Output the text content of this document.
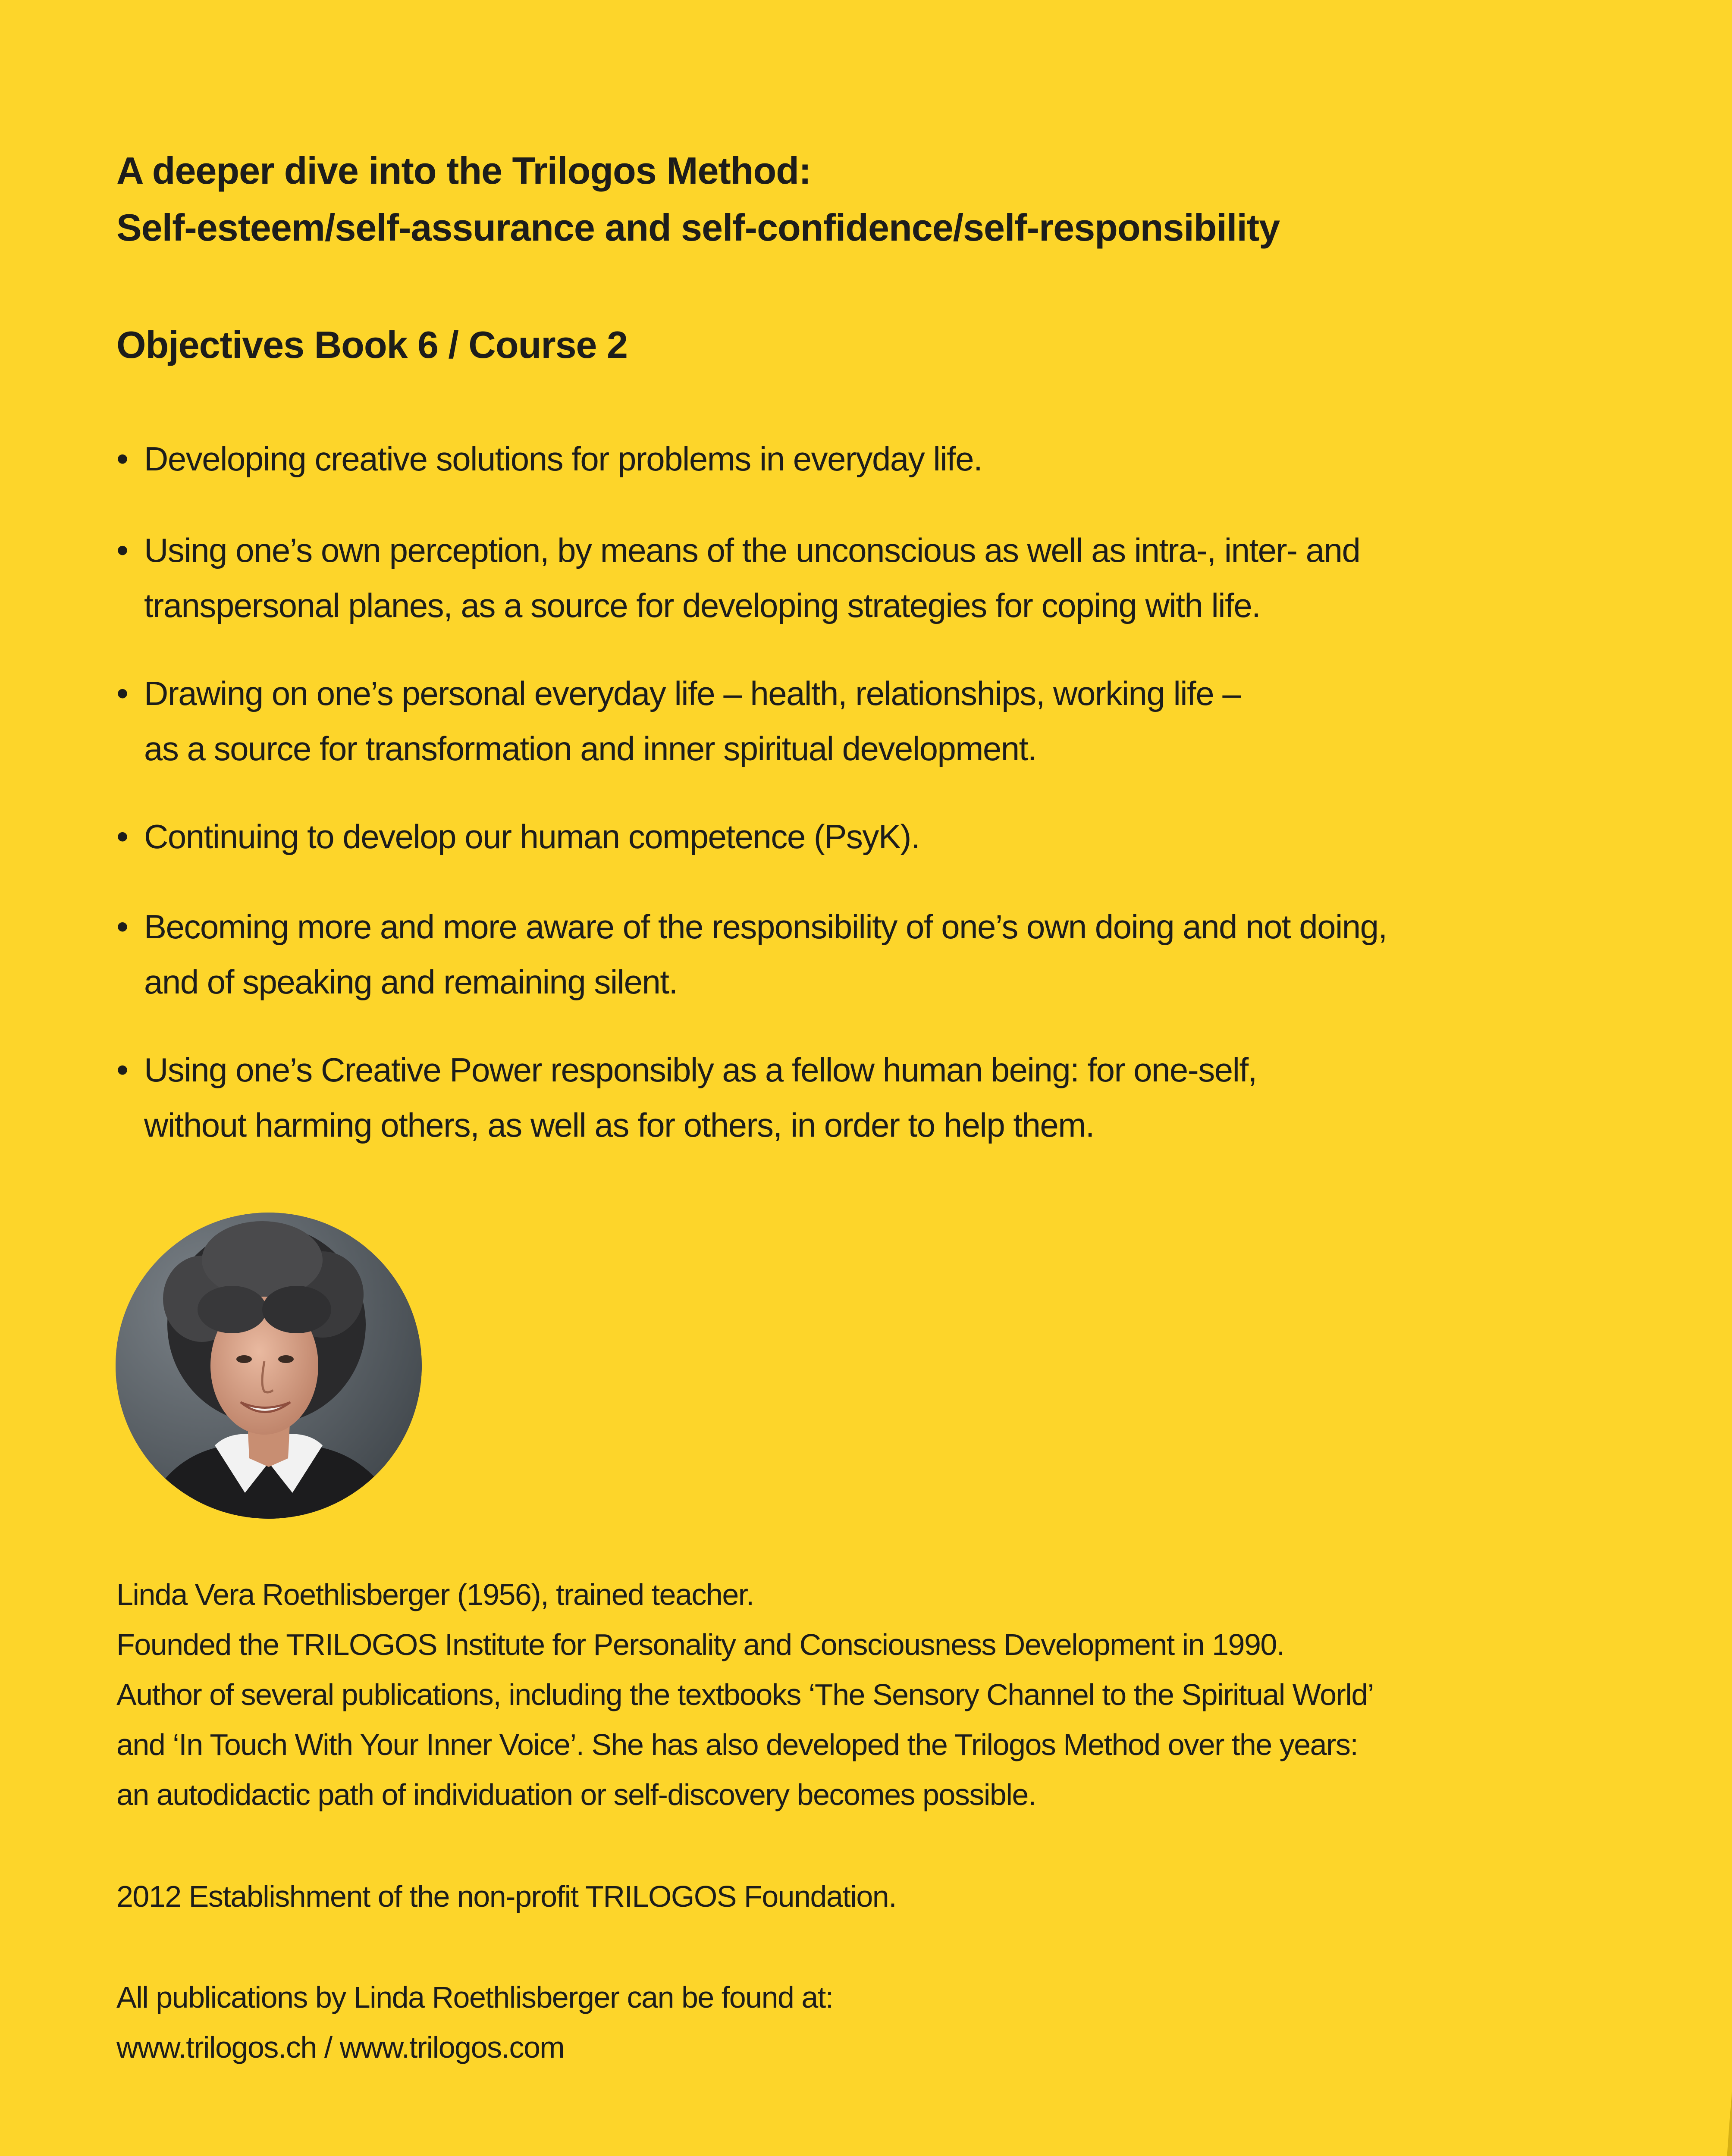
A deeper dive into the Trilogos Method:
Self-esteem/self-assurance and self-confidence/self-responsibility
Objectives Book 6 / Course 2
• Developing creative solutions for problems in everyday life.
• Using one’s own perception, by means of the unconscious as well as intra-, inter- and
transpersonal planes, as a source for developing strategies for coping with life.
• Drawing on one’s personal everyday life – health, relationships, working life –
as a source for transformation and inner spiritual development.
• Continuing to develop our human competence (PsyK).
• Becoming more and more aware of the responsibility of one’s own doing and not doing,
and of speaking and remaining silent.
• Using one’s Creative Power responsibly as a fellow human being: for one-self,
without harming others, as well as for others, in order to help them.
Linda Vera Roethlisberger (1956), trained teacher.
Founded the TRILOGOS Institute for Personality and Consciousness Development in 1990.
Author of several publications, including the textbooks ‘The Sensory Channel to the Spiritual World’
and ‘In Touch With Your Inner Voice’. She has also developed the Trilogos Method over the years:
an autodidactic path of individuation or self-discovery becomes possible.
2012 Establishment of the non-profit TRILOGOS Foundation.
All publications by Linda Roethlisberger can be found at:
www.trilogos.ch / www.trilogos.com
